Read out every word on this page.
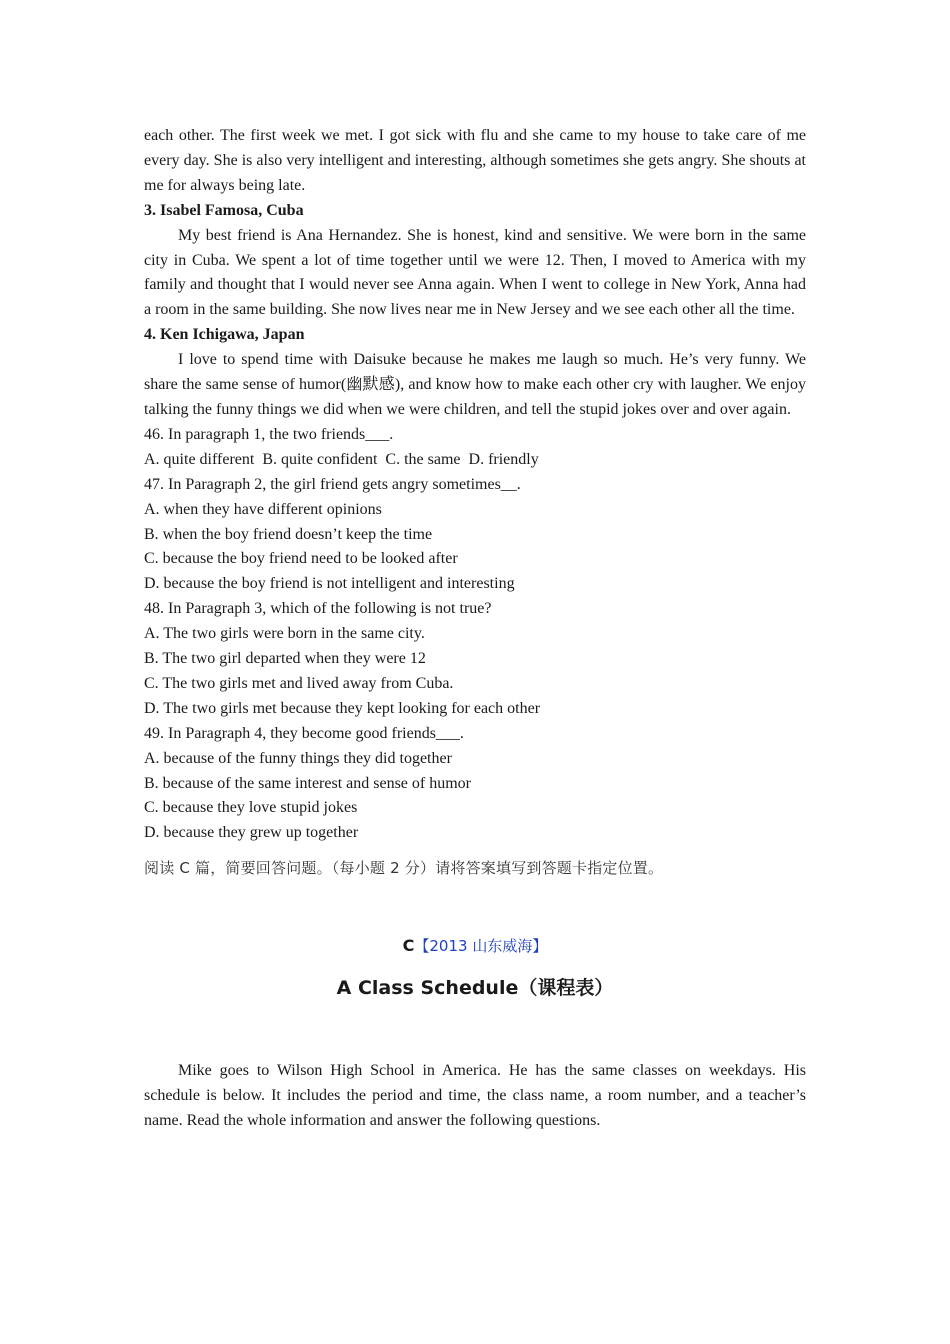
each other. The first week we met. I got sick with flu and she came to my house to take care of me every day. She is also very intelligent and interesting, although sometimes she gets angry. She shouts at me for always being late.

3. Isabel Famosa, Cuba

My best friend is Ana Hernandez. She is honest, kind and sensitive. We were born in the same city in Cuba. We spent a lot of time together until we were 12. Then, I moved to America with my family and thought that I would never see Anna again. When I went to college in New York, Anna had a room in the same building. She now lives near me in New Jersey and we see each other all the time.

4. Ken Ichigawa, Japan

I love to spend time with Daisuke because he makes me laugh so much. He’s very funny. We share the same sense of humor(幽默感), and know how to make each other cry with laugher. We enjoy talking the funny things we did when we were children, and tell the stupid jokes over and over again.

46. In paragraph 1, the two friends___.

A. quite different  B. quite confident  C. the same  D. friendly

47. In Paragraph 2, the girl friend gets angry sometimes__.

A. when they have different opinions

B. when the boy friend doesn’t keep the time

C. because the boy friend need to be looked after

D. because the boy friend is not intelligent and interesting

48. In Paragraph 3, which of the following is not true?

A. The two girls were born in the same city.

B. The two girl departed when they were 12

C. The two girls met and lived away from Cuba.

D. The two girls met because they kept looking for each other

49. In Paragraph 4, they become good friends___.

A. because of the funny things they did together

B. because of the same interest and sense of humor

C. because they love stupid jokes

D. because they grew up together

阅读 C 篇，简要回答问题。（每小题 2 分）请将答案填写到答题卡指定位置。

C【2013 山东威海】

A Class Schedule（课程表）

Mike goes to Wilson High School in America. He has the same classes on weekdays. His schedule is below. It includes the period and time, the class name, a room number, and a teacher’s name. Read the whole information and answer the following questions.
